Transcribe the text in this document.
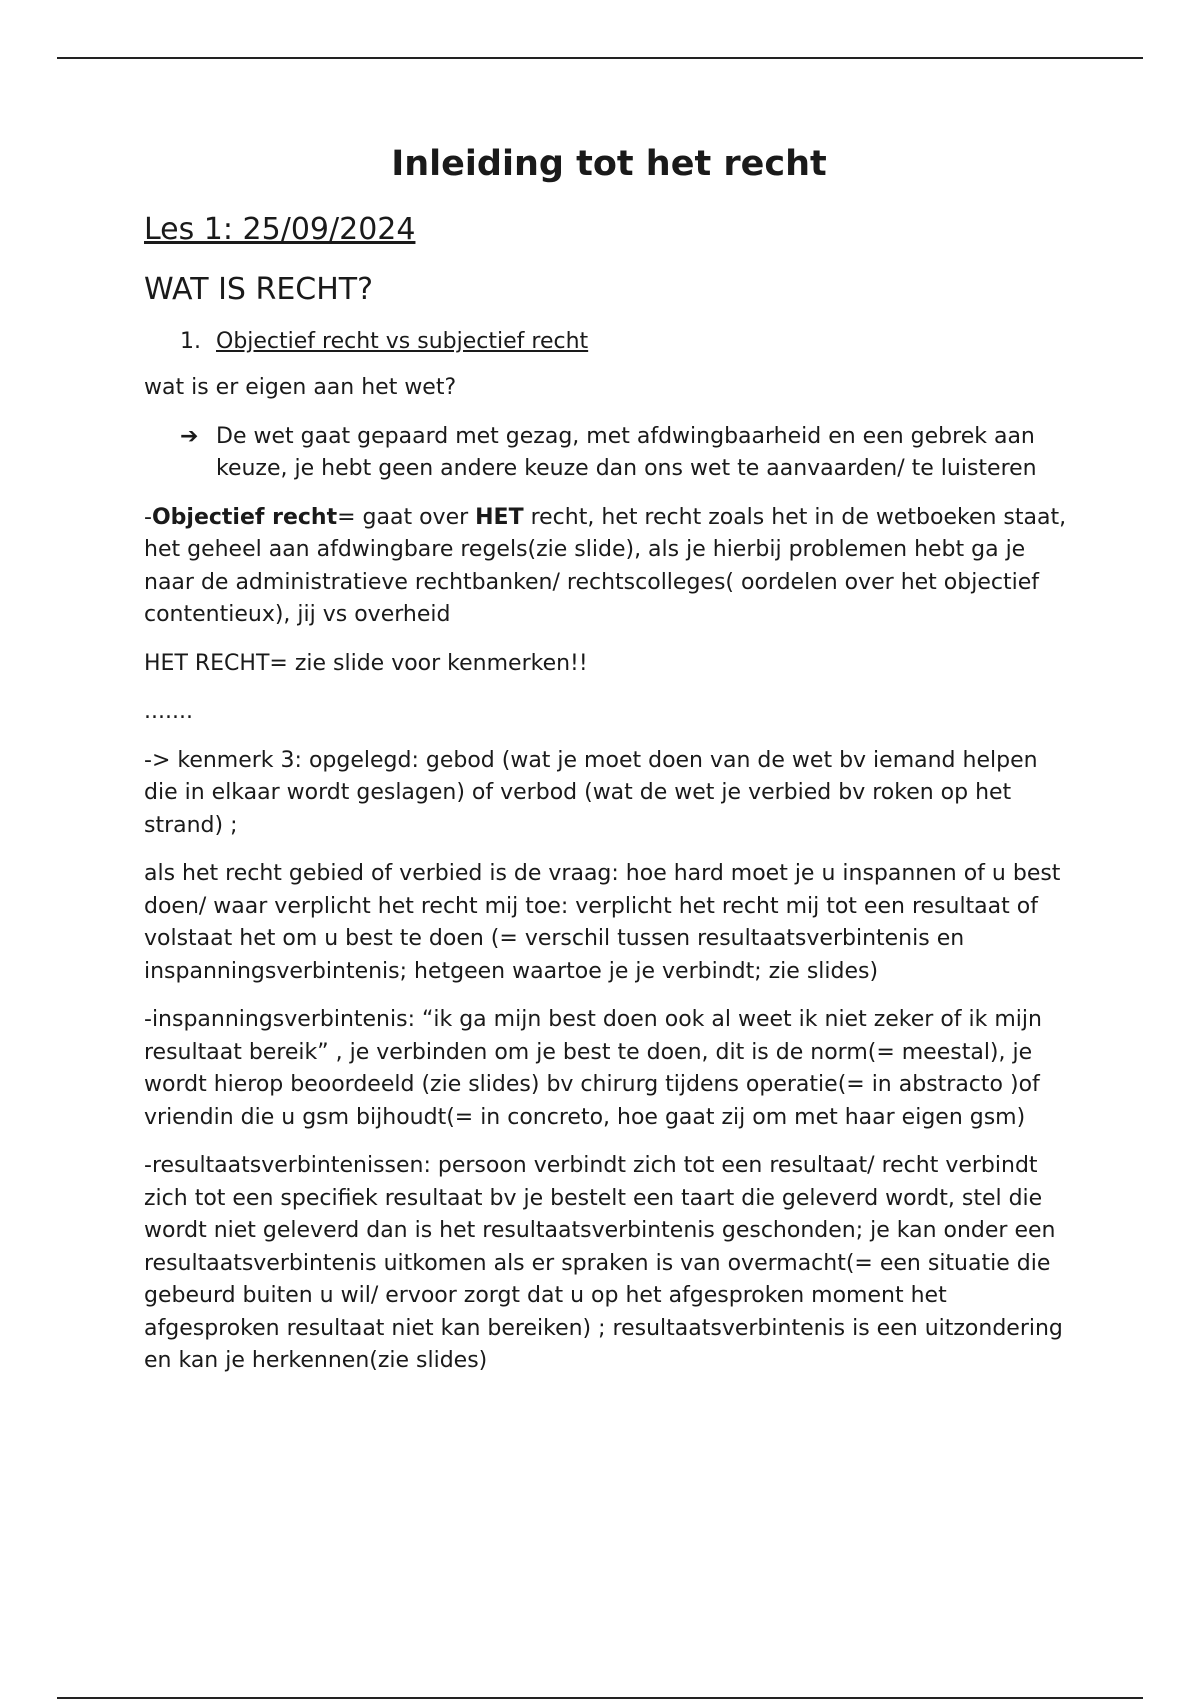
Inleiding tot het recht
Les 1: 25/09/2024
WAT IS RECHT?
1. Objectief recht vs subjectief recht

wat is er eigen aan het wet?

➔ De wet gaat gepaard met gezag, met afdwingbaarheid en een gebrek aan keuze, je hebt geen andere keuze dan ons wet te aanvaarden/ te luisteren

-Objectief recht= gaat over HET recht, het recht zoals het in de wetboeken staat, het geheel aan afdwingbare regels(zie slide), als je hierbij problemen hebt ga je naar de administratieve rechtbanken/ rechtscolleges( oordelen over het objectief contentieux), jij vs overheid

HET RECHT= zie slide voor kenmerken!!

.......

-> kenmerk 3: opgelegd: gebod (wat je moet doen van de wet bv iemand helpen die in elkaar wordt geslagen) of verbod (wat de wet je verbied bv roken op het strand) ;

als het recht gebied of verbied is de vraag: hoe hard moet je u inspannen of u best doen/ waar verplicht het recht mij toe: verplicht het recht mij tot een resultaat of volstaat het om u best te doen (= verschil tussen resultaatsverbintenis en inspanningsverbintenis; hetgeen waartoe je je verbindt; zie slides)

-inspanningsverbintenis: “ik ga mijn best doen ook al weet ik niet zeker of ik mijn resultaat bereik” , je verbinden om je best te doen, dit is de norm(= meestal), je wordt hierop beoordeeld (zie slides) bv chirurg tijdens operatie(= in abstracto )of vriendin die u gsm bijhoudt(= in concreto, hoe gaat zij om met haar eigen gsm)

-resultaatsverbintenissen: persoon verbindt zich tot een resultaat/ recht verbindt zich tot een specifiek resultaat bv je bestelt een taart die geleverd wordt, stel die wordt niet geleverd dan is het resultaatsverbintenis geschonden; je kan onder een resultaatsverbintenis uitkomen als er spraken is van overmacht(= een situatie die gebeurd buiten u wil/ ervoor zorgt dat u op het afgesproken moment het afgesproken resultaat niet kan bereiken) ; resultaatsverbintenis is een uitzondering en kan je herkennen(zie slides)
